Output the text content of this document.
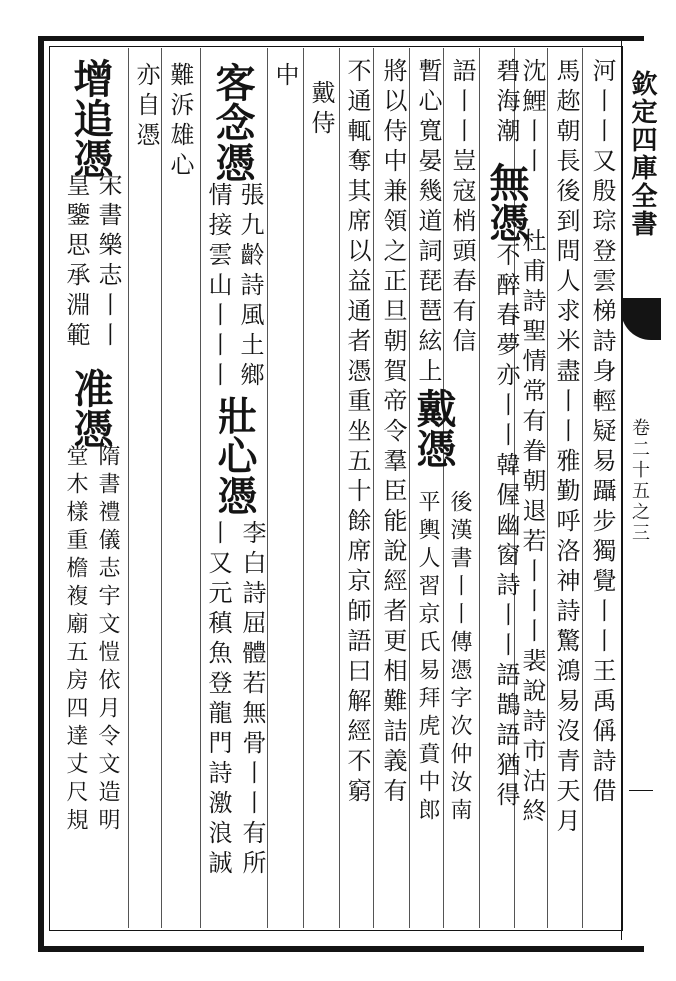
欽定四庫全書
卷二十五之三
河丨丨又殷琮登雲梯詩身輕疑易躡步獨覺丨丨王禹偁詩借
馬趂朝長後到問人求米盡丨丨雅勤呼洛神詩驚鴻易沒青天月
沈鯉丨丨杜甫詩聖情常有眷朝退若丨丨丨裴說詩市沽終
碧海潮無憑不醉春夢亦丨丨韓偓幽窗詩丨丨語鵲語猶得
語丨丨豈寇梢頭春有信
暫心寬晏幾道詞琵琶絃上
戴憑
後漢書丨丨傳憑字次仲汝南
平輿人習京氏易拜虎賁中郎
將以侍中兼領之正旦朝賀帝令羣臣能說經者更相難詰義有
不通輒奪其席以益通者憑重坐五十餘席京師語曰解經不窮
戴侍
中
客念憑
張九齡詩風土鄉
情接雲山丨丨丨
壯心憑
李白詩屈體若無骨丨丨有所
丨又元稹魚登龍門詩激浪誠
難泝雄心
亦自憑
增追憑
宋書樂志丨丨
皇鑒思承淵範
准憑
隋書禮儀志宇文愷依月令文造明
堂木樣重檐複廟五房四達丈尺規
